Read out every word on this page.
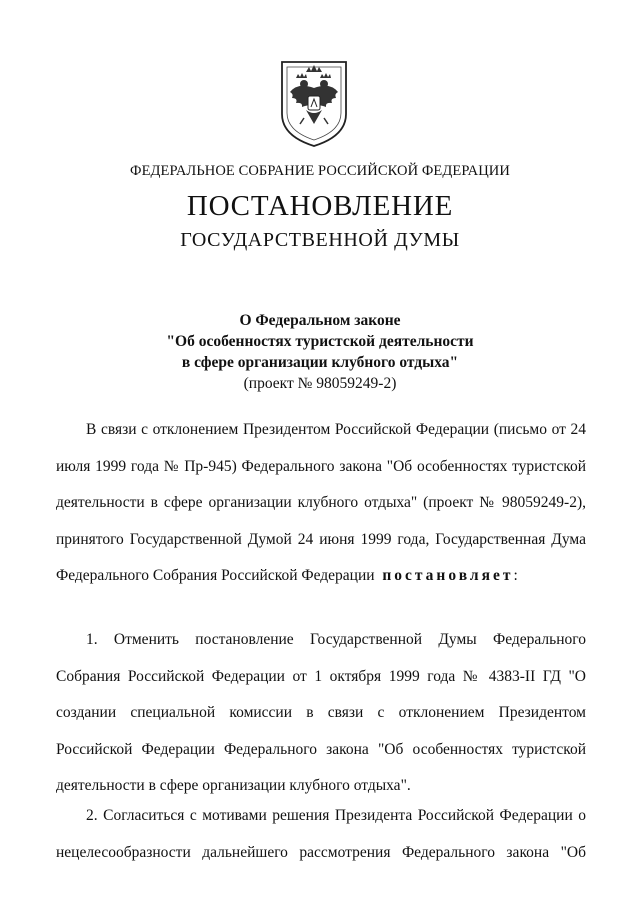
ФЕДЕРАЛЬНОЕ СОБРАНИЕ РОССИЙСКОЙ ФЕДЕРАЦИИ
ПОСТАНОВЛЕНИЕ
ГОСУДАРСТВЕННОЙ ДУМЫ
О Федеральном законе
"Об особенностях туристской деятельности
в сфере организации клубного отдыха"
(проект № 98059249-2)
В связи с отклонением Президентом Российской Федерации (письмо от 24
июля 1999 года № Пр-945) Федерального закона "Об особенностях туристской
деятельности в сфере организации клубного отдыха" (проект № 98059249-2),
принятого Государственной Думой 24 июня 1999 года, Государственная Дума
Федерального Собрания Российской Федерации постановляет:
1. Отменить постановление Государственной Думы Федерального
Собрания Российской Федерации от 1 октября 1999 года № 4383-II ГД "О
создании специальной комиссии в связи с отклонением Президентом
Российской Федерации Федерального закона "Об особенностях туристской
деятельности в сфере организации клубного отдыха".
2. Согласиться с мотивами решения Президента Российской Федерации о
нецелесообразности дальнейшего рассмотрения Федерального закона "Об
